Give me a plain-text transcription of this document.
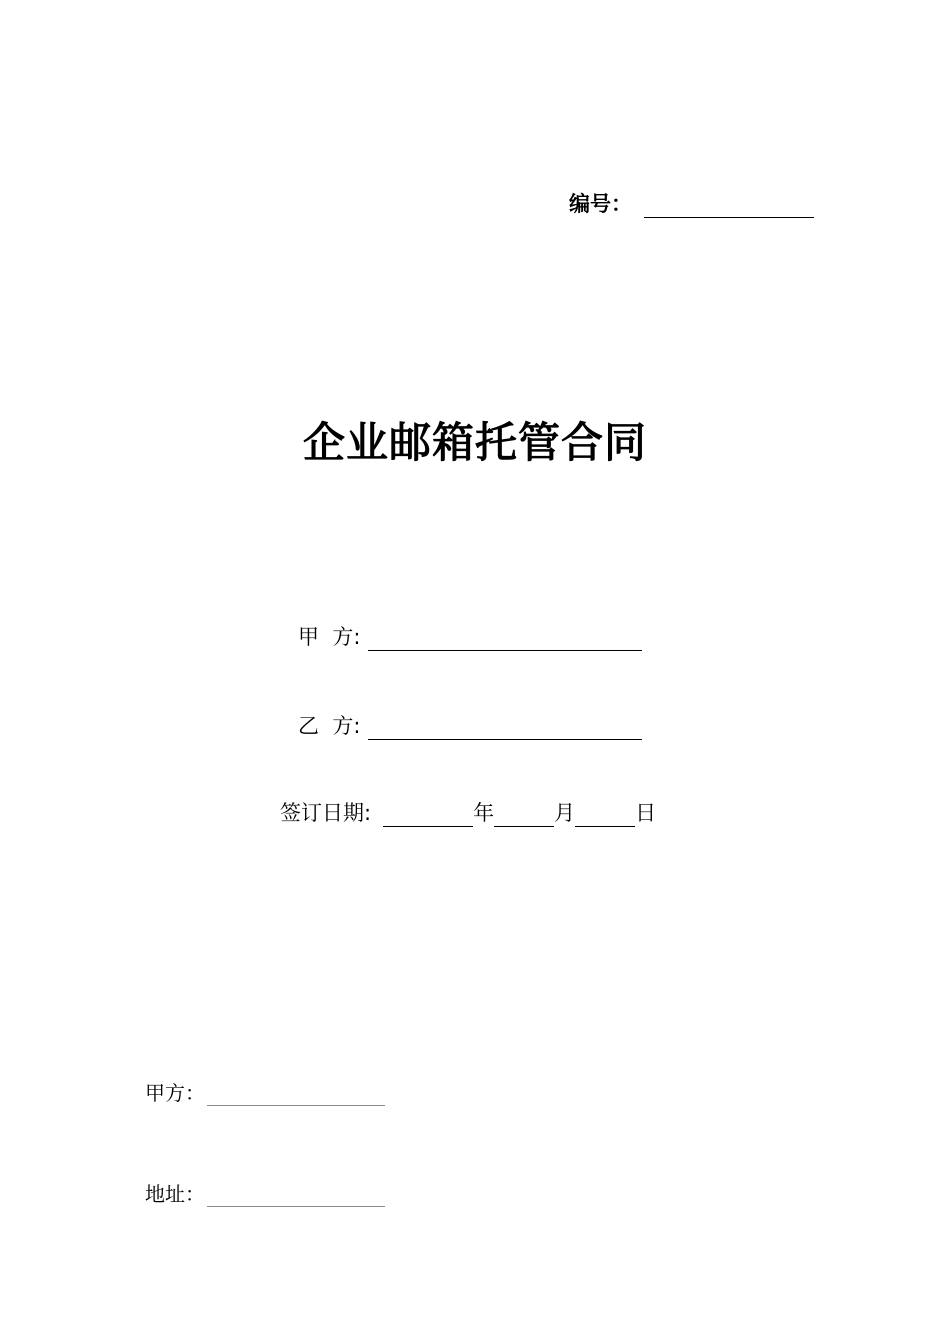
编号：
企业邮箱托管合同
甲  方:
乙  方:
签订日期:	年	月	日
甲方：
地址：
